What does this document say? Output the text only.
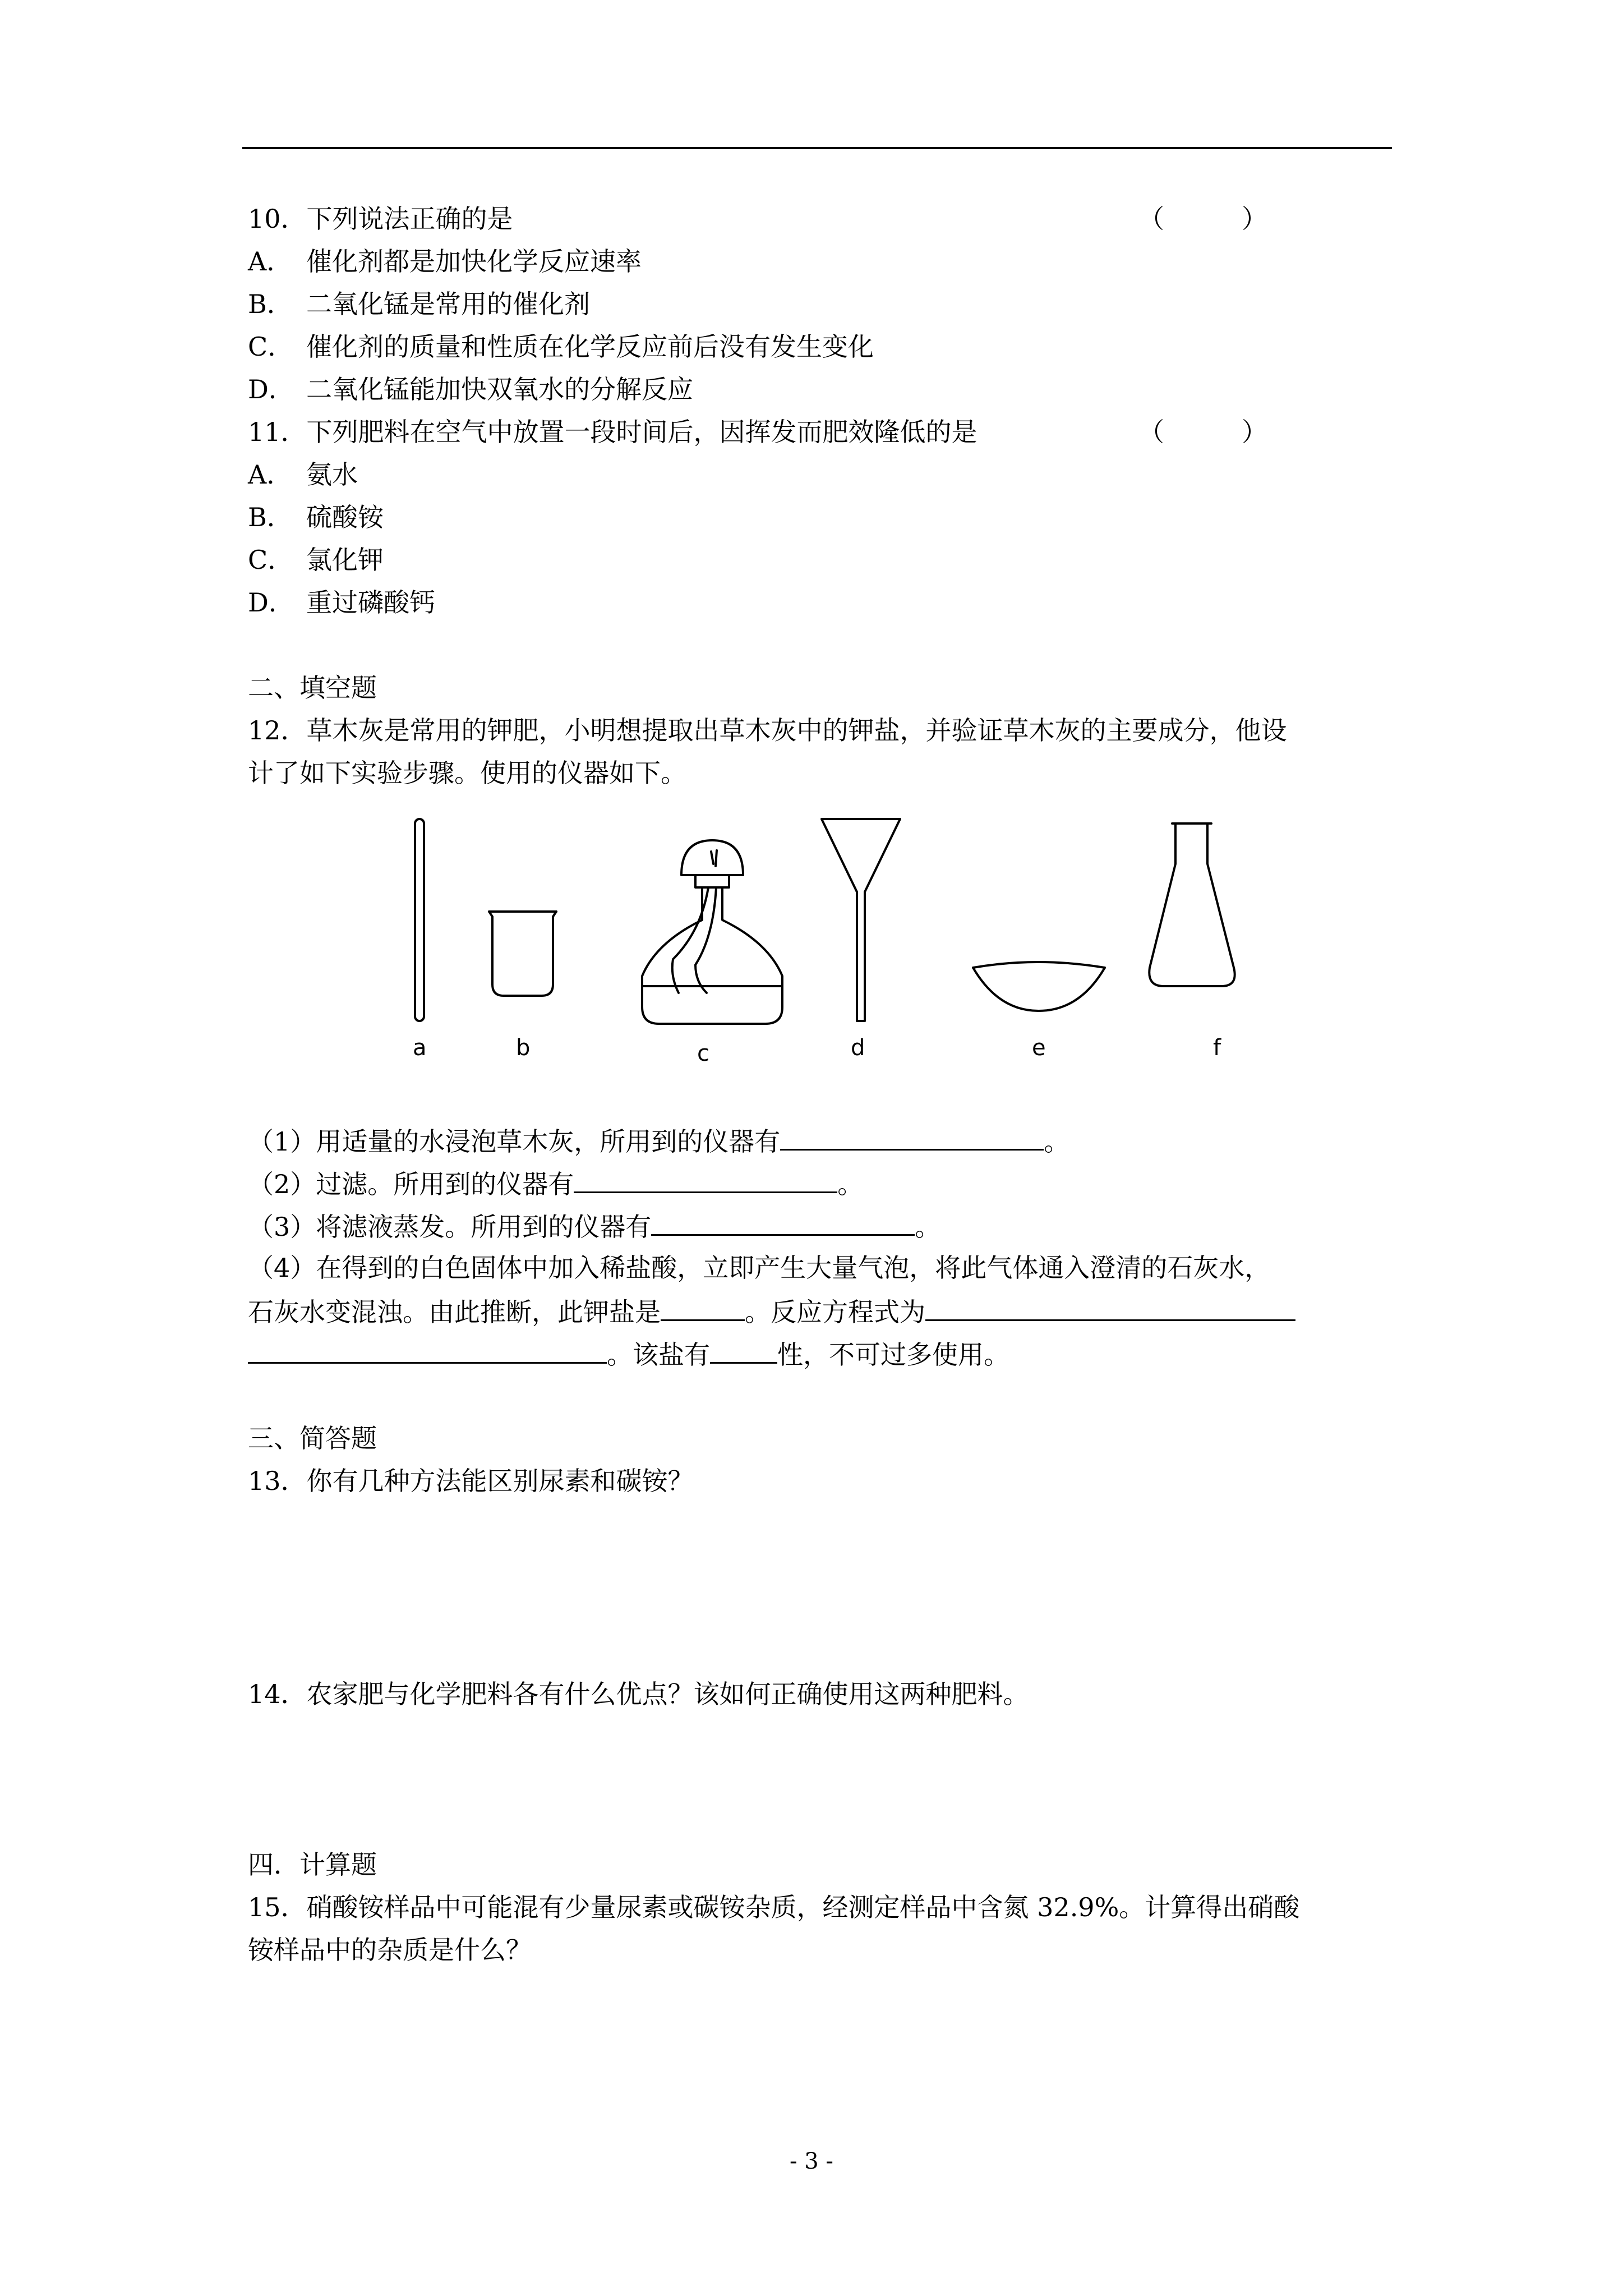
10．下列说法正确的是	（　　　）
A． 催化剂都是加快化学反应速率
B． 二氧化锰是常用的催化剂
C． 催化剂的质量和性质在化学反应前后没有发生变化
D． 二氧化锰能加快双氧水的分解反应
11．下列肥料在空气中放置一段时间后，因挥发而肥效隆低的是	（　　　）
A． 氨水
B． 硫酸铵
C． 氯化钾
D． 重过磷酸钙
二、填空题
12．草木灰是常用的钾肥，小明想提取出草木灰中的钾盐，并验证草木灰的主要成分，他设
计了如下实验步骤。使用的仪器如下。
a	b	c	d	e	f
（1）用适量的水浸泡草木灰，所用到的仪器有	。
（2）过滤。所用到的仪器有	。
（3）将滤液蒸发。所用到的仪器有	。
（4）在得到的白色固体中加入稀盐酸，立即产生大量气泡，将此气体通入澄清的石灰水，
石灰水变混浊。由此推断，此钾盐是	。反应方程式为
。该盐有	性，不可过多使用。
三、简答题
13．你有几种方法能区别尿素和碳铵？
14．农家肥与化学肥料各有什么优点？该如何正确使用这两种肥料。
四．计算题
15．硝酸铵样品中可能混有少量尿素或碳铵杂质，经测定样品中含氮 32.9%。计算得出硝酸
铵样品中的杂质是什么？
- 3 -
